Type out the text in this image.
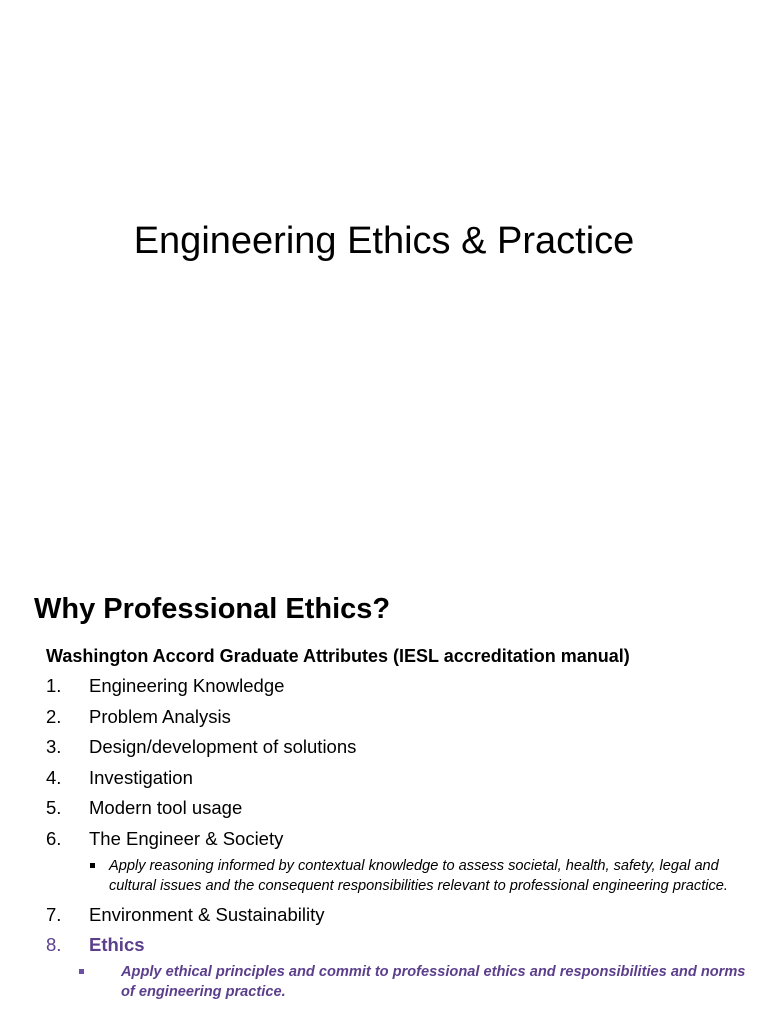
Engineering Ethics & Practice
Why Professional Ethics?
Washington Accord Graduate Attributes (IESL accreditation manual)
1.	Engineering Knowledge
2.	Problem Analysis
3.	Design/development of solutions
4.	Investigation
5.	Modern tool usage
6.	The Engineer & Society
Apply reasoning informed by contextual knowledge to assess societal, health, safety, legal and cultural issues and the consequent responsibilities relevant to professional engineering practice.
7.	Environment & Sustainability
8.	Ethics
Apply ethical principles and commit to professional ethics and responsibilities and norms of engineering practice.
